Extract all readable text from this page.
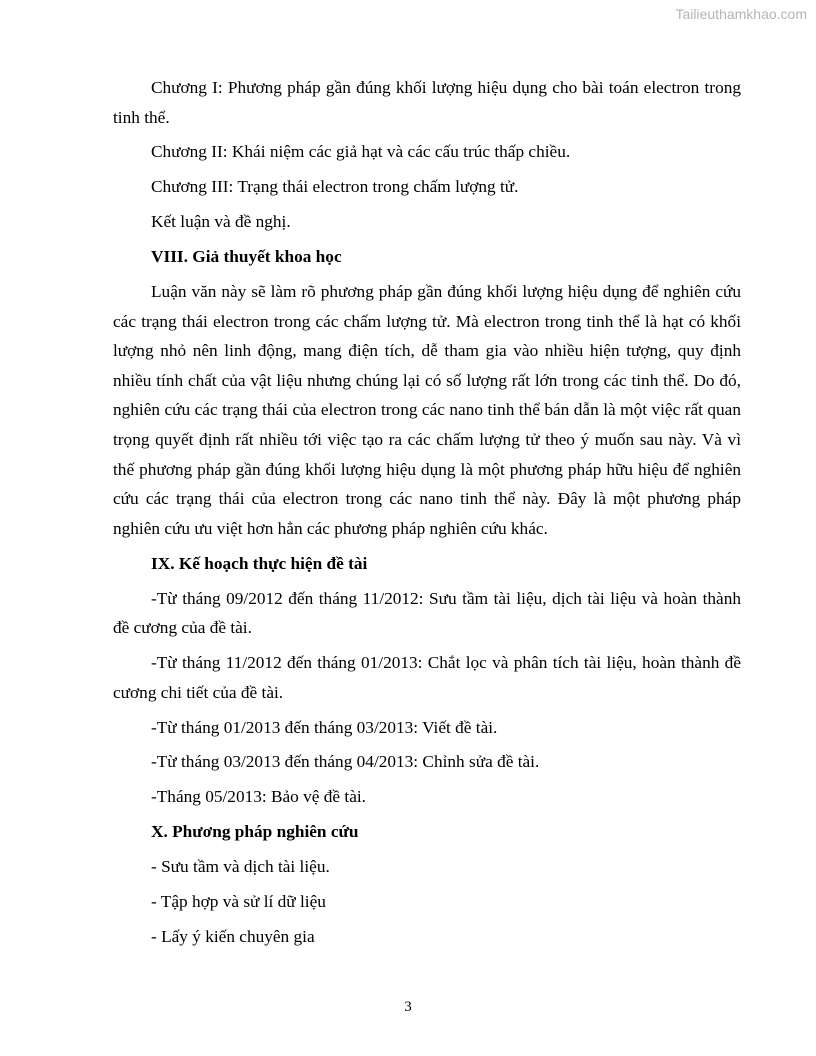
Tailieuthamkhao.com

Chương I: Phương pháp gần đúng khối lượng hiệu dụng cho bài toán electron trong tinh thể.

Chương II: Khái niệm các giả hạt và các cấu trúc thấp chiều.

Chương III: Trạng thái electron trong chấm lượng tử.

Kết luận và đề nghị.

VIII. Giả thuyết khoa học

Luận văn này sẽ làm rõ phương pháp gần đúng khối lượng hiệu dụng để nghiên cứu các trạng thái electron trong các chấm lượng tử. Mà electron trong tinh thể là hạt có khối lượng nhỏ nên linh động, mang điện tích, dễ tham gia vào nhiều hiện tượng, quy định nhiều tính chất của vật liệu nhưng chúng lại có số lượng rất lớn trong các tinh thể. Do đó, nghiên cứu các trạng thái của electron trong các nano tinh thể bán dẫn là một việc rất quan trọng quyết định rất nhiều tới việc tạo ra các chấm lượng tử theo ý muốn sau này. Và vì thế phương pháp gần đúng khối lượng hiệu dụng là một phương pháp hữu hiệu để nghiên cứu các trạng thái của electron trong các nano tinh thể này. Đây là một phương pháp nghiên cứu ưu việt hơn hẳn các phương pháp nghiên cứu khác.

IX. Kế hoạch thực hiện đề tài

-Từ tháng 09/2012 đến tháng 11/2012: Sưu tầm tài liệu, dịch tài liệu và hoàn thành đề cương của đề tài.

-Từ tháng 11/2012 đến tháng 01/2013: Chắt lọc và phân tích tài liệu, hoàn thành đề cương chi tiết của đề tài.

-Từ tháng 01/2013 đến tháng 03/2013: Viết đề tài.

-Từ tháng 03/2013 đến tháng 04/2013: Chỉnh sửa đề tài.

-Tháng 05/2013: Bảo vệ đề tài.

X. Phương pháp nghiên cứu

- Sưu tầm và dịch tài liệu.

- Tập hợp và sử lí dữ liệu

- Lấy ý kiến chuyên gia

3
